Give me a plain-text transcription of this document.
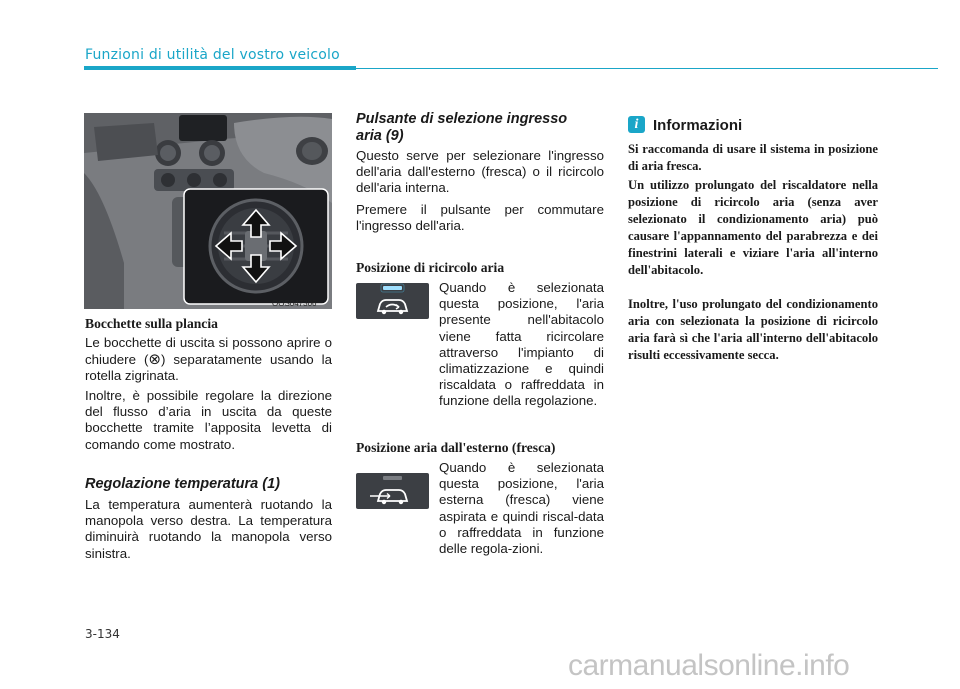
Funzioni di utilità del vostro veicolo
OOS047306
Bocchette sulla plancia

Le bocchette di uscita si possono aprire o chiudere (⊗) separatamente usando la rotella zigrinata.

Inoltre, è possibile regolare la direzione del flusso d’aria in uscita da queste bocchette tramite l’apposita levetta di comando come mostrato.

Regolazione temperatura (1)

La temperatura aumenterà ruotando la manopola verso destra. La temperatura diminuirà ruotando la manopola verso sinistra.

Pulsante di selezione ingresso
aria (9)

Questo serve per selezionare l'ingresso dell'aria dall'esterno (fresca) o il ricircolo dell'aria interna.

Premere il pulsante per commutare l'ingresso dell'aria.

Posizione di ricircolo aria

Quando è selezionata questa posizione, l'aria presente nell'abitacolo viene fatta ricircolare attraverso l'impianto di climatizzazione e quindi riscaldata o raffreddata in funzione della regolazione.

Posizione aria dall'esterno (fresca)

Quando è selezionata questa posizione, l'aria esterna (fresca) viene aspirata e quindi riscal-data o raffreddata in funzione delle regola-zioni.

i Informazioni

Si raccomanda di usare il sistema in posizione di aria fresca.

Un utilizzo prolungato del riscaldatore nella posizione di ricircolo aria (senza aver selezionato il condizionamento aria) può causare l'appannamento del parabrezza e dei finestrini laterali e viziare l'aria all'interno dell'abitacolo.

Inoltre, l'uso prolungato del condizionamento aria con selezionata la posizione di ricircolo aria farà sì che l'aria all'interno dell'abitacolo risulti eccessivamente secca.

3-134
carmanualsonline.info
